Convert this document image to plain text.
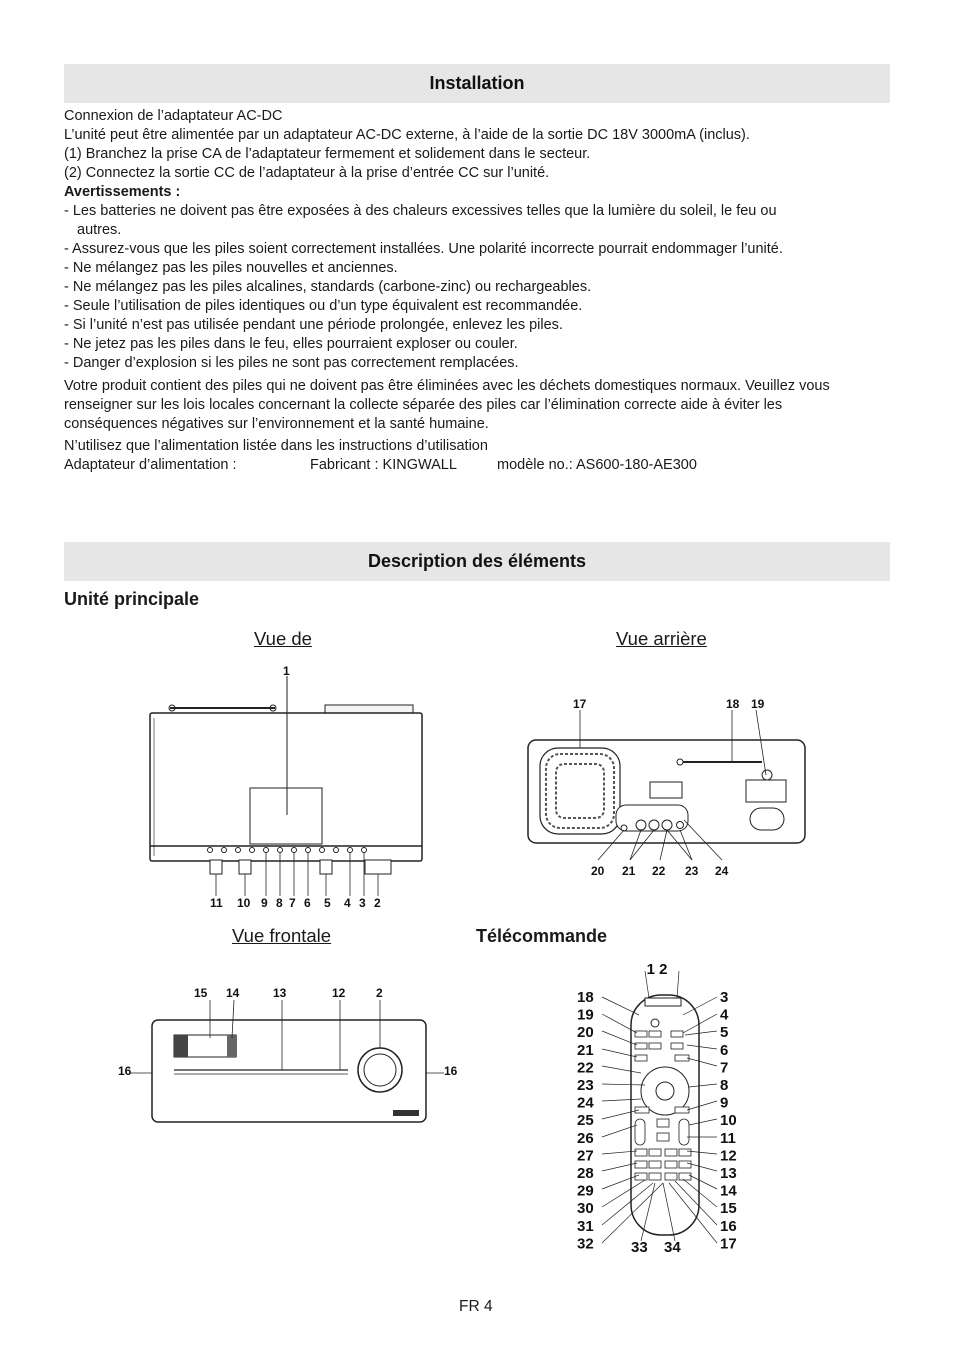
Installation
Connexion de l’adaptateur AC-DC
L’unité peut être alimentée par un adaptateur AC-DC externe, à l’aide de la sortie DC 18V 3000mA (inclus).
(1) Branchez la prise CA de l’adaptateur fermement et solidement dans le secteur.
(2) Connectez la sortie CC de l’adaptateur à la prise d’entrée CC sur l’unité.
Avertissements :
- Les batteries ne doivent pas être exposées à des chaleurs excessives telles que la lumière du soleil, le feu ou
autres.
- Assurez-vous que les piles soient correctement installées. Une polarité incorrecte pourrait endommager l’unité.
- Ne mélangez pas les piles nouvelles et anciennes.
- Ne mélangez pas les piles alcalines, standards (carbone-zinc) ou rechargeables.
- Seule l’utilisation de piles identiques ou d’un type équivalent est recommandée.
- Si l’unité n’est pas utilisée pendant une période prolongée, enlevez les piles.
- Ne jetez pas les piles dans le feu, elles pourraient exploser ou couler.
- Danger d’explosion si les piles ne sont pas correctement remplacées.
Votre produit contient des piles qui ne doivent pas être éliminées avec les déchets domestiques normaux. Veuillez vous renseigner sur les lois locales concernant la collecte séparée des piles car l’élimination correcte aide à éviter les conséquences négatives sur l’environnement et la santé humaine.
N’utilisez que l’alimentation listée dans les instructions d’utilisation
Adaptateur d’alimentation :	Fabricant : KINGWALL	modèle no.: AS600-180-AE300
Description des éléments
Unité principale
Vue de	Vue arrière
Vue frontale	Télécommande
1
11 10 9 8 7 6 5 4 3 2
17	18 19
20 21 22 23 24
15 14	13	12	2
16	16
1 2
18
19
20
21
22
23
24
25
26
27
28
29
30
31
32
3
4
5
6
7
8
9
10
11
12
13
14
15
16
17
33 34
FR 4
